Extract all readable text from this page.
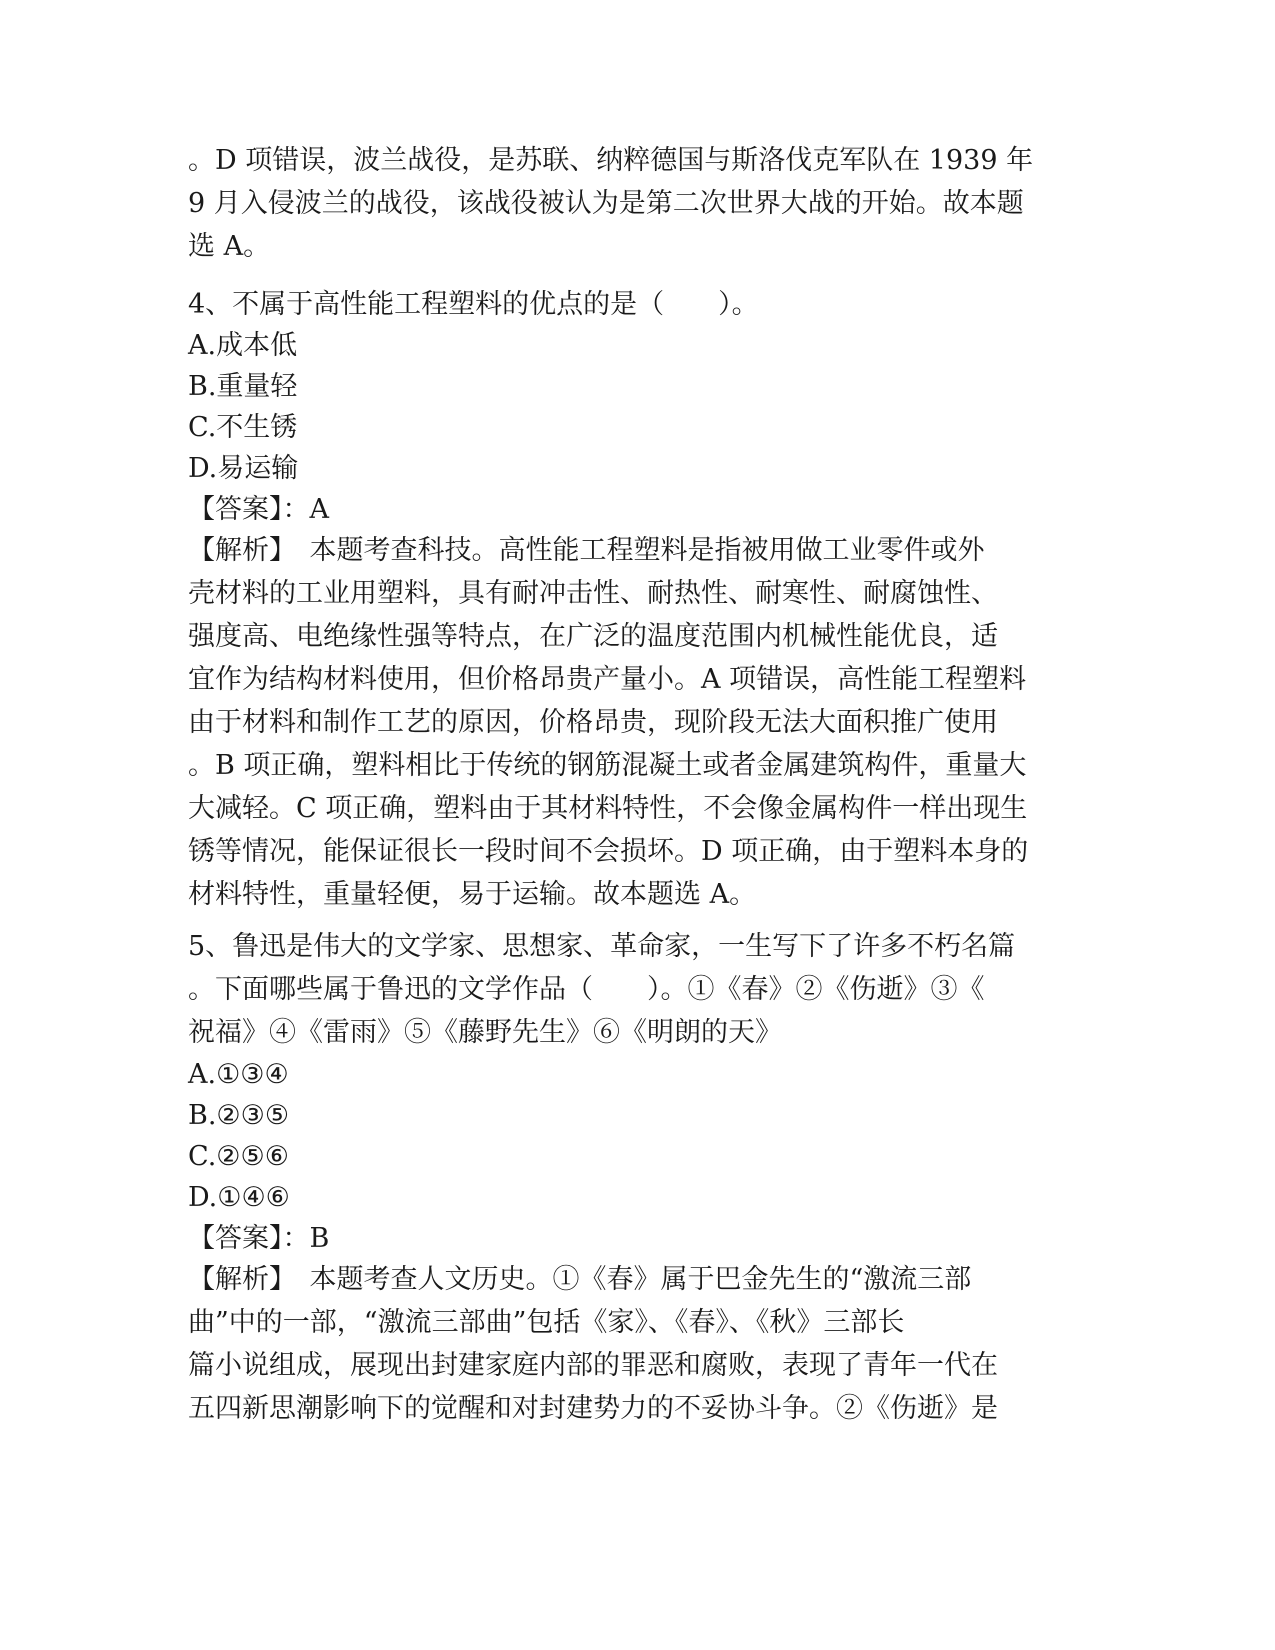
。D 项错误，波兰战役，是苏联、纳粹德国与斯洛伐克军队在 1939 年
9 月入侵波兰的战役，该战役被认为是第二次世界大战的开始。故本题
选 A。
4、不属于高性能工程塑料的优点的是（　　）。
A.成本低
B.重量轻
C.不生锈
D.易运输
【答案】：A
【解析】　本题考查科技。高性能工程塑料是指被用做工业零件或外
壳材料的工业用塑料，具有耐冲击性、耐热性、耐寒性、耐腐蚀性、
强度高、电绝缘性强等特点，在广泛的温度范围内机械性能优良，适
宜作为结构材料使用，但价格昂贵产量小。A 项错误，高性能工程塑料
由于材料和制作工艺的原因，价格昂贵，现阶段无法大面积推广使用
。B 项正确，塑料相比于传统的钢筋混凝土或者金属建筑构件，重量大
大减轻。C 项正确，塑料由于其材料特性，不会像金属构件一样出现生
锈等情况，能保证很长一段时间不会损坏。D 项正确，由于塑料本身的
材料特性，重量轻便，易于运输。故本题选 A。
5、鲁迅是伟大的文学家、思想家、革命家，一生写下了许多不朽名篇
。下面哪些属于鲁迅的文学作品（　　）。①《春》②《伤逝》③《
祝福》④《雷雨》⑤《藤野先生》⑥《明朗的天》
A.①③④
B.②③⑤
C.②⑤⑥
D.①④⑥
【答案】：B
【解析】　本题考查人文历史。①《春》属于巴金先生的“激流三部
曲”中的一部，“激流三部曲”包括《家》、《春》、《秋》三部长
篇小说组成，展现出封建家庭内部的罪恶和腐败，表现了青年一代在
五四新思潮影响下的觉醒和对封建势力的不妥协斗争。②《伤逝》是
